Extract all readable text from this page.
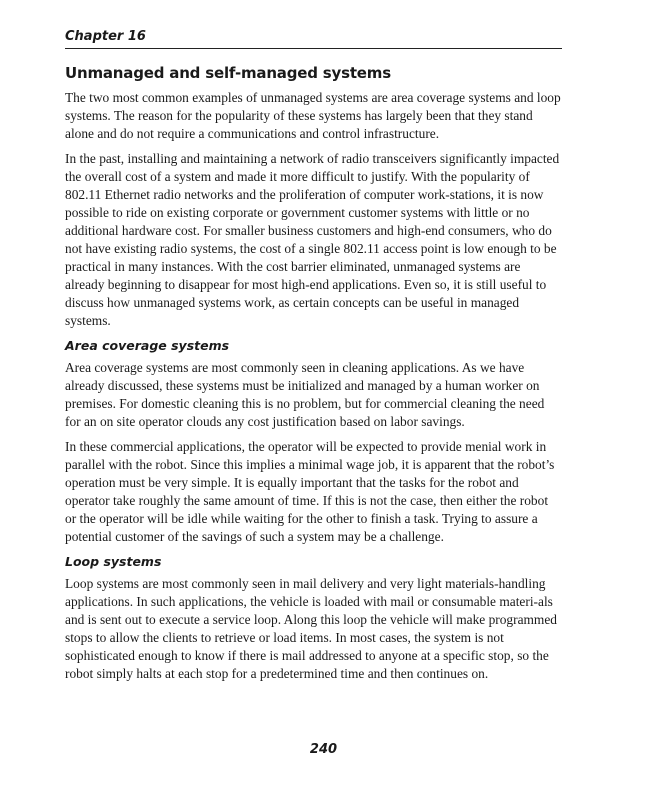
Chapter 16
Unmanaged and self-managed systems

The two most common examples of unmanaged systems are area coverage systems and loop systems. The reason for the popularity of these systems has largely been that they stand alone and do not require a communications and control infrastructure.

In the past, installing and maintaining a network of radio transceivers significantly impacted the overall cost of a system and made it more difficult to justify. With the popularity of 802.11 Ethernet radio networks and the proliferation of computer work-stations, it is now possible to ride on existing corporate or government customer systems with little or no additional hardware cost. For smaller business customers and high-end consumers, who do not have existing radio systems, the cost of a single 802.11 access point is low enough to be practical in many instances. With the cost barrier eliminated, unmanaged systems are already beginning to disappear for most high-end applications. Even so, it is still useful to discuss how unmanaged systems work, as certain concepts can be useful in managed systems.

Area coverage systems

Area coverage systems are most commonly seen in cleaning applications. As we have already discussed, these systems must be initialized and managed by a human worker on premises. For domestic cleaning this is no problem, but for commercial cleaning the need for an on site operator clouds any cost justification based on labor savings.

In these commercial applications, the operator will be expected to provide menial work in parallel with the robot. Since this implies a minimal wage job, it is apparent that the robot’s operation must be very simple. It is equally important that the tasks for the robot and operator take roughly the same amount of time. If this is not the case, then either the robot or the operator will be idle while waiting for the other to finish a task. Trying to assure a potential customer of the savings of such a system may be a challenge.

Loop systems

Loop systems are most commonly seen in mail delivery and very light materials-handling applications. In such applications, the vehicle is loaded with mail or consumable materi-als and is sent out to execute a service loop. Along this loop the vehicle will make programmed stops to allow the clients to retrieve or load items. In most cases, the system is not sophisticated enough to know if there is mail addressed to anyone at a specific stop, so the robot simply halts at each stop for a predetermined time and then continues on.

240
